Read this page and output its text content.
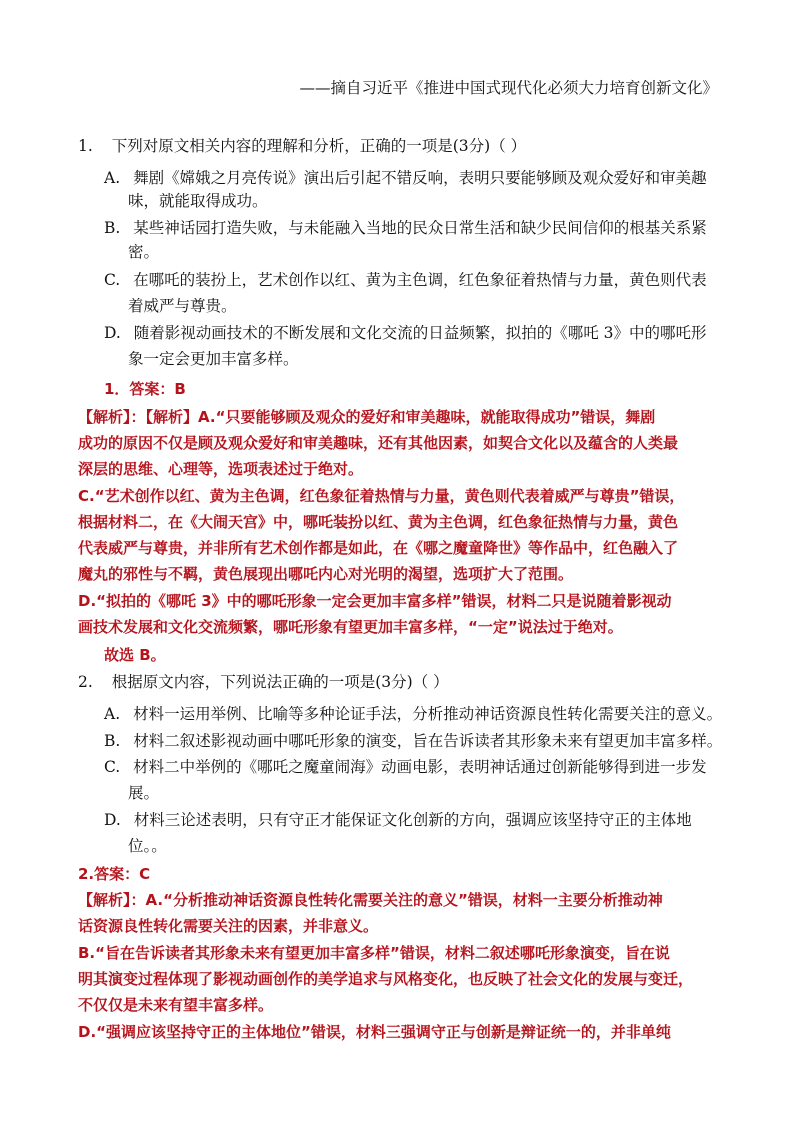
——摘自习近平《推进中国式现代化必须大力培育创新文化》
1. 下列对原文相关内容的理解和分析，正确的一项是(3分)（ ）
A. 舞剧《嫦娥之月亮传说》演出后引起不错反响，表明只要能够顾及观众爱好和审美趣
味，就能取得成功。
B. 某些神话园打造失败，与未能融入当地的民众日常生活和缺少民间信仰的根基关系紧
密。
C. 在哪吒的装扮上，艺术创作以红、黄为主色调，红色象征着热情与力量，黄色则代表
着威严与尊贵。
D. 随着影视动画技术的不断发展和文化交流的日益频繁，拟拍的《哪吒 3》中的哪吒形
象一定会更加丰富多样。
1．答案：B
【解析】：【解析】A.“只要能够顾及观众的爱好和审美趣味，就能取得成功”错误，舞剧
成功的原因不仅是顾及观众爱好和审美趣味，还有其他因素，如契合文化以及蕴含的人类最
深层的思维、心理等，选项表述过于绝对。
C.“艺术创作以红、黄为主色调，红色象征着热情与力量，黄色则代表着威严与尊贵”错误，
根据材料二，在《大闹天宫》中，哪吒装扮以红、黄为主色调，红色象征热情与力量，黄色
代表威严与尊贵，并非所有艺术创作都是如此，在《哪之魔童降世》等作品中，红色融入了
魔丸的邪性与不羁，黄色展现出哪吒内心对光明的渴望，选项扩大了范围。
D.“拟拍的《哪吒 3》中的哪吒形象一定会更加丰富多样”错误，材料二只是说随着影视动
画技术发展和文化交流频繁，哪吒形象有望更加丰富多样，“一定”说法过于绝对。
故选 B。
2. 根据原文内容，下列说法正确的一项是(3分)（ ）
A. 材料一运用举例、比喻等多种论证手法，分析推动神话资源良性转化需要关注的意义。
B. 材料二叙述影视动画中哪吒形象的演变，旨在告诉读者其形象未来有望更加丰富多样。
C. 材料二中举例的《哪吒之魔童闹海》动画电影，表明神话通过创新能够得到进一步发
展。
D. 材料三论述表明，只有守正才能保证文化创新的方向，强调应该坚持守正的主体地
位。。
2.答案：C
【解析】：A.“分析推动神话资源良性转化需要关注的意义”错误，材料一主要分析推动神
话资源良性转化需要关注的因素，并非意义。
B.“旨在告诉读者其形象未来有望更加丰富多样”错误，材料二叙述哪吒形象演变，旨在说
明其演变过程体现了影视动画创作的美学追求与风格变化，也反映了社会文化的发展与变迁，
不仅仅是未来有望丰富多样。
D.“强调应该坚持守正的主体地位”错误，材料三强调守正与创新是辩证统一的，并非单纯
